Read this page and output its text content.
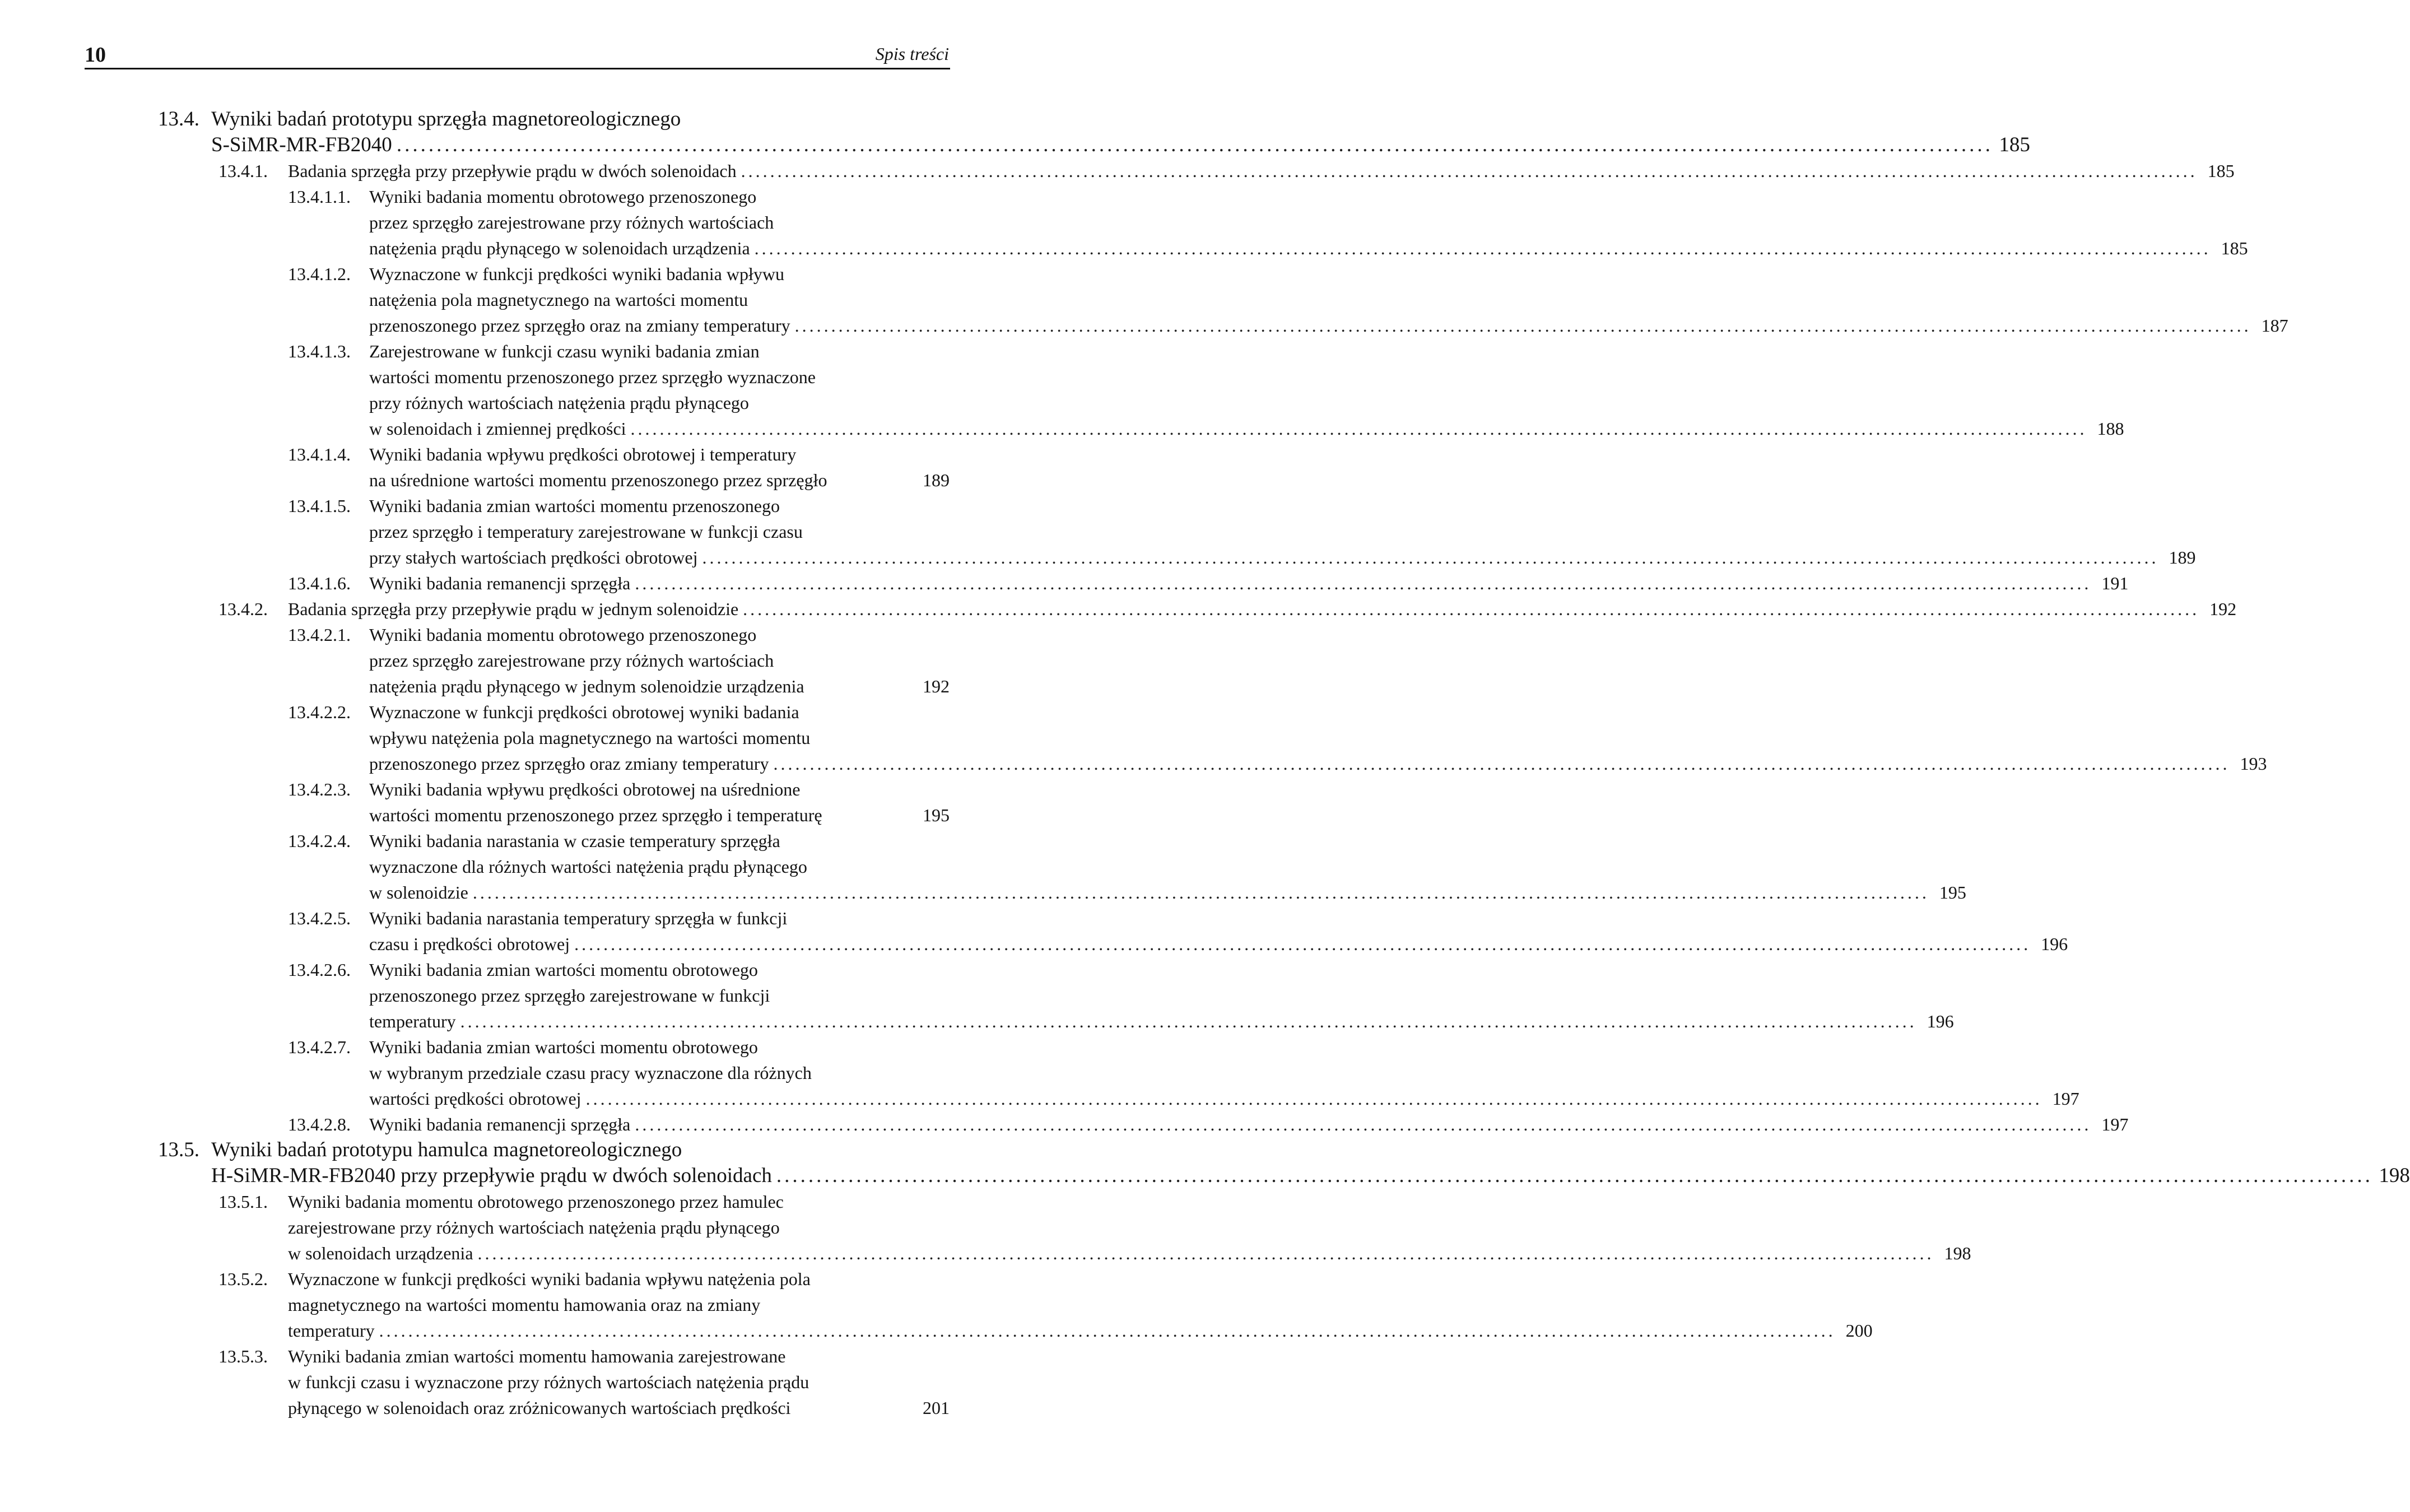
10	Spis treści
13.4. Wyniki badań prototypu sprzęgła magnetoreologicznego
S-SiMR-MR-FB2040 ........................................................................................................................................................................................................ 185
13.4.1. Badania sprzęgła przy przepływie prądu w dwóch solenoidach ........................................................................................................................................................................................................ 185
13.4.1.1. Wyniki badania momentu obrotowego przenoszonego
przez sprzęgło zarejestrowane przy różnych wartościach
natężenia prądu płynącego w solenoidach urządzenia ........................................................................................................................................................................................................ 185
13.4.1.2. Wyznaczone w funkcji prędkości wyniki badania wpływu
natężenia pola magnetycznego na wartości momentu
przenoszonego przez sprzęgło oraz na zmiany temperatury ........................................................................................................................................................................................................ 187
13.4.1.3. Zarejestrowane w funkcji czasu wyniki badania zmian
wartości momentu przenoszonego przez sprzęgło wyznaczone
przy różnych wartościach natężenia prądu płynącego
w solenoidach i zmiennej prędkości ........................................................................................................................................................................................................ 188
13.4.1.4. Wyniki badania wpływu prędkości obrotowej i temperatury
na uśrednione wartości momentu przenoszonego przez sprzęgło	189
13.4.1.5. Wyniki badania zmian wartości momentu przenoszonego
przez sprzęgło i temperatury zarejestrowane w funkcji czasu
przy stałych wartościach prędkości obrotowej ........................................................................................................................................................................................................ 189
13.4.1.6. Wyniki badania remanencji sprzęgła ........................................................................................................................................................................................................ 191
13.4.2. Badania sprzęgła przy przepływie prądu w jednym solenoidzie ........................................................................................................................................................................................................ 192
13.4.2.1. Wyniki badania momentu obrotowego przenoszonego
przez sprzęgło zarejestrowane przy różnych wartościach
natężenia prądu płynącego w jednym solenoidzie urządzenia	192
13.4.2.2. Wyznaczone w funkcji prędkości obrotowej wyniki badania
wpływu natężenia pola magnetycznego na wartości momentu
przenoszonego przez sprzęgło oraz zmiany temperatury ........................................................................................................................................................................................................ 193
13.4.2.3. Wyniki badania wpływu prędkości obrotowej na uśrednione
wartości momentu przenoszonego przez sprzęgło i temperaturę	195
13.4.2.4. Wyniki badania narastania w czasie temperatury sprzęgła
wyznaczone dla różnych wartości natężenia prądu płynącego
w solenoidzie ........................................................................................................................................................................................................ 195
13.4.2.5. Wyniki badania narastania temperatury sprzęgła w funkcji
czasu i prędkości obrotowej ........................................................................................................................................................................................................ 196
13.4.2.6. Wyniki badania zmian wartości momentu obrotowego
przenoszonego przez sprzęgło zarejestrowane w funkcji
temperatury ........................................................................................................................................................................................................ 196
13.4.2.7. Wyniki badania zmian wartości momentu obrotowego
w wybranym przedziale czasu pracy wyznaczone dla różnych
wartości prędkości obrotowej ........................................................................................................................................................................................................ 197
13.4.2.8. Wyniki badania remanencji sprzęgła ........................................................................................................................................................................................................ 197
13.5. Wyniki badań prototypu hamulca magnetoreologicznego
H-SiMR-MR-FB2040 przy przepływie prądu w dwóch solenoidach ........................................................................................................................................................................................................ 198
13.5.1. Wyniki badania momentu obrotowego przenoszonego przez hamulec
zarejestrowane przy różnych wartościach natężenia prądu płynącego
w solenoidach urządzenia ........................................................................................................................................................................................................ 198
13.5.2. Wyznaczone w funkcji prędkości wyniki badania wpływu natężenia pola
magnetycznego na wartości momentu hamowania oraz na zmiany
temperatury ........................................................................................................................................................................................................ 200
13.5.3. Wyniki badania zmian wartości momentu hamowania zarejestrowane
w funkcji czasu i wyznaczone przy różnych wartościach natężenia prądu
płynącego w solenoidach oraz zróżnicowanych wartościach prędkości	201
